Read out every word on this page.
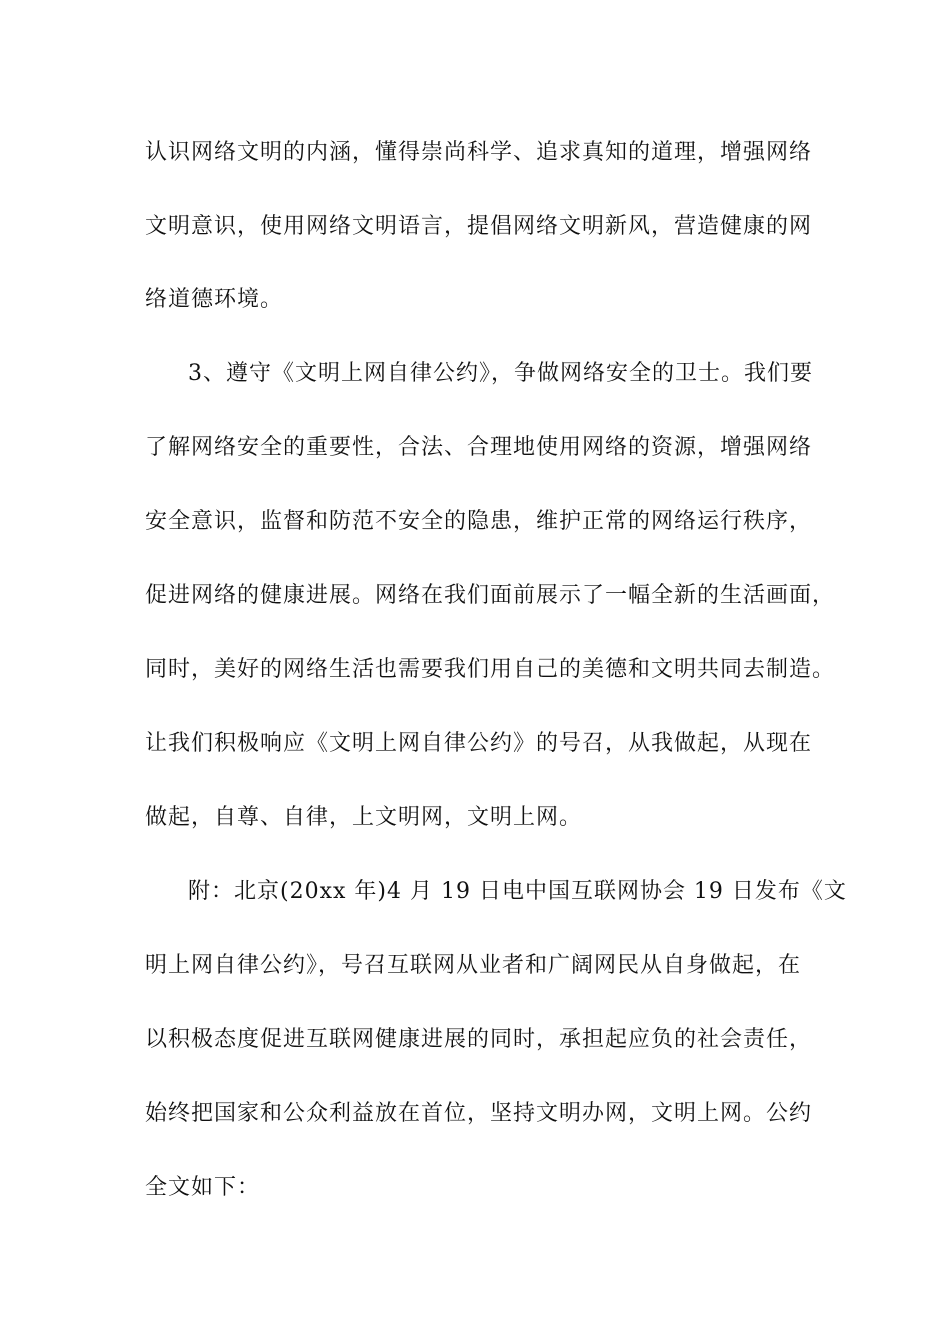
认识网络文明的内涵，懂得崇尚科学、追求真知的道理，增强网络
文明意识，使用网络文明语言，提倡网络文明新风，营造健康的网
络道德环境。
3、遵守《文明上网自律公约》，争做网络安全的卫士。我们要
了解网络安全的重要性，合法、合理地使用网络的资源，增强网络
安全意识，监督和防范不安全的隐患，维护正常的网络运行秩序，
促进网络的健康进展。网络在我们面前展示了一幅全新的生活画面，
同时，美好的网络生活也需要我们用自己的美德和文明共同去制造。
让我们积极响应《文明上网自律公约》的号召，从我做起，从现在
做起，自尊、自律，上文明网，文明上网。
附：北京(20xx 年)4 月 19 日电中国互联网协会 19 日发布《文
明上网自律公约》，号召互联网从业者和广阔网民从自身做起，在
以积极态度促进互联网健康进展的同时，承担起应负的社会责任，
始终把国家和公众利益放在首位，坚持文明办网，文明上网。公约
全文如下：
